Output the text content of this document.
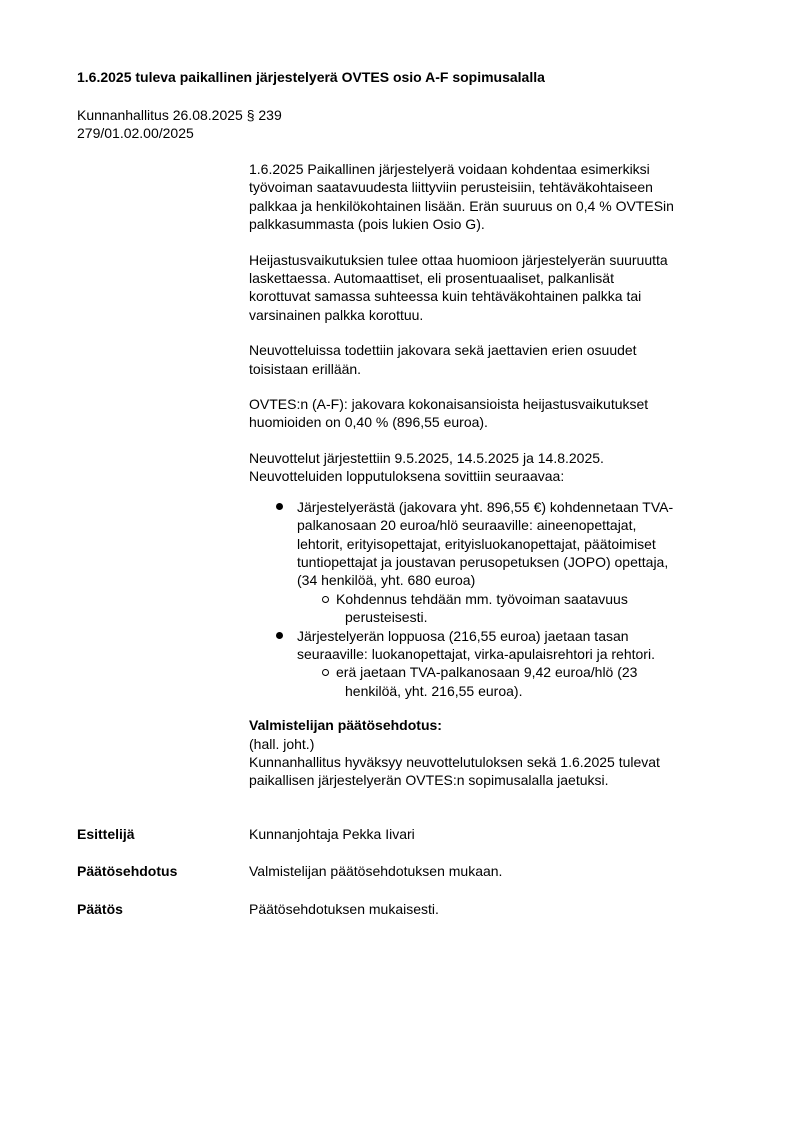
1.6.2025 tuleva paikallinen järjestelyerä OVTES osio A-F sopimusalalla
Kunnanhallitus 26.08.2025 § 239
279/01.02.00/2025
1.6.2025 Paikallinen järjestelyerä voidaan kohdentaa esimerkiksi
työvoiman saatavuudesta liittyviin perusteisiin, tehtäväkohtaiseen
palkkaa ja henkilökohtainen lisään. Erän suuruus on 0,4 % OVTESin
palkkasummasta (pois lukien Osio G).
Heijastusvaikutuksien tulee ottaa huomioon järjestelyerän suuruutta
laskettaessa. Automaattiset, eli prosentuaaliset, palkanlisät
korottuvat samassa suhteessa kuin tehtäväkohtainen palkka tai
varsinainen palkka korottuu.
Neuvotteluissa todettiin jakovara sekä jaettavien erien osuudet
toisistaan erillään.
OVTES:n (A-F): jakovara kokonaisansioista heijastusvaikutukset
huomioiden on 0,40 % (896,55 euroa).
Neuvottelut järjestettiin 9.5.2025, 14.5.2025 ja 14.8.2025.
Neuvotteluiden lopputuloksena sovittiin seuraavaa:
Järjestelyerästä (jakovara yht. 896,55 €) kohdennetaan TVA-
palkanosaan 20 euroa/hlö seuraaville: aineenopettajat,
lehtorit, erityisopettajat, erityisluokanopettajat, päätoimiset
tuntiopettajat ja joustavan perusopetuksen (JOPO) opettaja,
(34 henkilöä, yht. 680 euroa)
Kohdennus tehdään mm. työvoiman saatavuus
perusteisesti.
Järjestelyerän loppuosa (216,55 euroa) jaetaan tasan
seuraaville: luokanopettajat, virka-apulaisrehtori ja rehtori.
erä jaetaan TVA-palkanosaan 9,42 euroa/hlö (23
henkilöä, yht. 216,55 euroa).
Valmistelijan päätösehdotus:
(hall. joht.)
Kunnanhallitus hyväksyy neuvottelutuloksen sekä 1.6.2025 tulevat
paikallisen järjestelyerän OVTES:n sopimusalalla jaetuksi.
Esittelijä	Kunnanjohtaja Pekka Iivari
Päätösehdotus	Valmistelijan päätösehdotuksen mukaan.
Päätös	Päätösehdotuksen mukaisesti.
